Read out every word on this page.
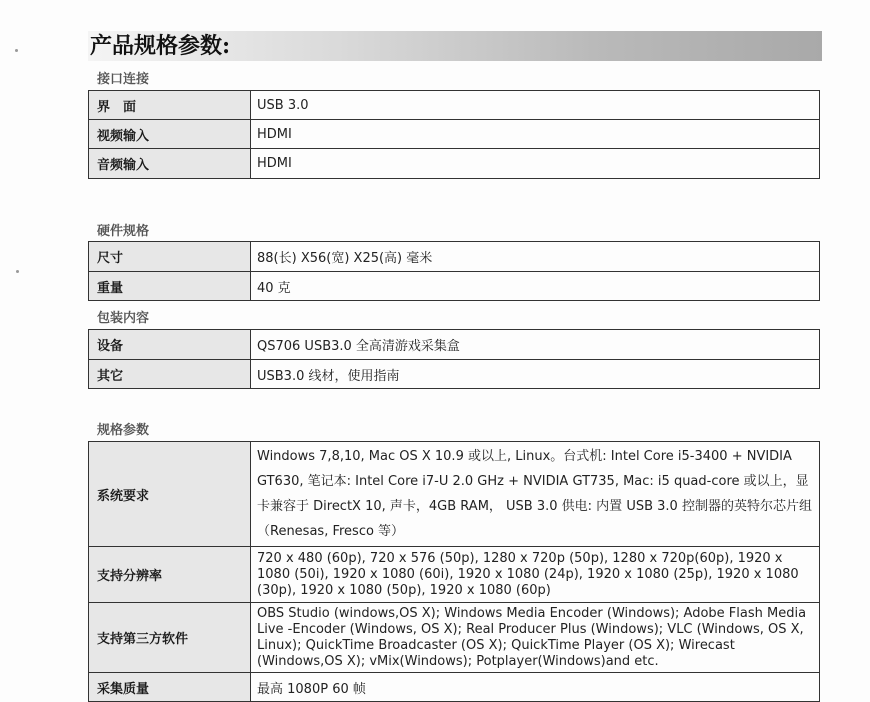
产品规格参数:
接口连接
界　面	USB 3.0
视频输入	HDMI
音频输入	HDMI
硬件规格
尺寸	88(长) X56(宽) X25(高) 毫米
重量	40 克
包装内容
设备	QS706 USB3.0 全高清游戏采集盒
其它	USB3.0 线材，使用指南
规格参数
系统要求	Windows 7,8,10, Mac OS X 10.9 或以上, Linux。台式机: Intel Core i5-3400 + NVIDIA GT630, 笔记本: Intel Core i7-U 2.0 GHz + NVIDIA GT735, Mac: i5 quad-core 或以上，显卡兼容于 DirectX 10, 声卡，4GB RAM， USB 3.0 供电: 内置 USB 3.0 控制器的英特尔芯片组（Renesas, Fresco 等）
支持分辨率	720 x 480 (60p), 720 x 576 (50p), 1280 x 720p (50p), 1280 x 720p(60p), 1920 x 1080 (50i), 1920 x 1080 (60i), 1920 x 1080 (24p), 1920 x 1080 (25p), 1920 x 1080 (30p), 1920 x 1080 (50p), 1920 x 1080 (60p)
支持第三方软件	OBS Studio (windows,OS X); Windows Media Encoder (Windows); Adobe Flash Media Live -Encoder (Windows, OS X); Real Producer Plus (Windows); VLC (Windows, OS X, Linux); QuickTime Broadcaster (OS X); QuickTime Player (OS X); Wirecast (Windows,OS X); vMix(Windows); Potplayer(Windows)and etc.
采集质量	最高 1080P 60 帧
